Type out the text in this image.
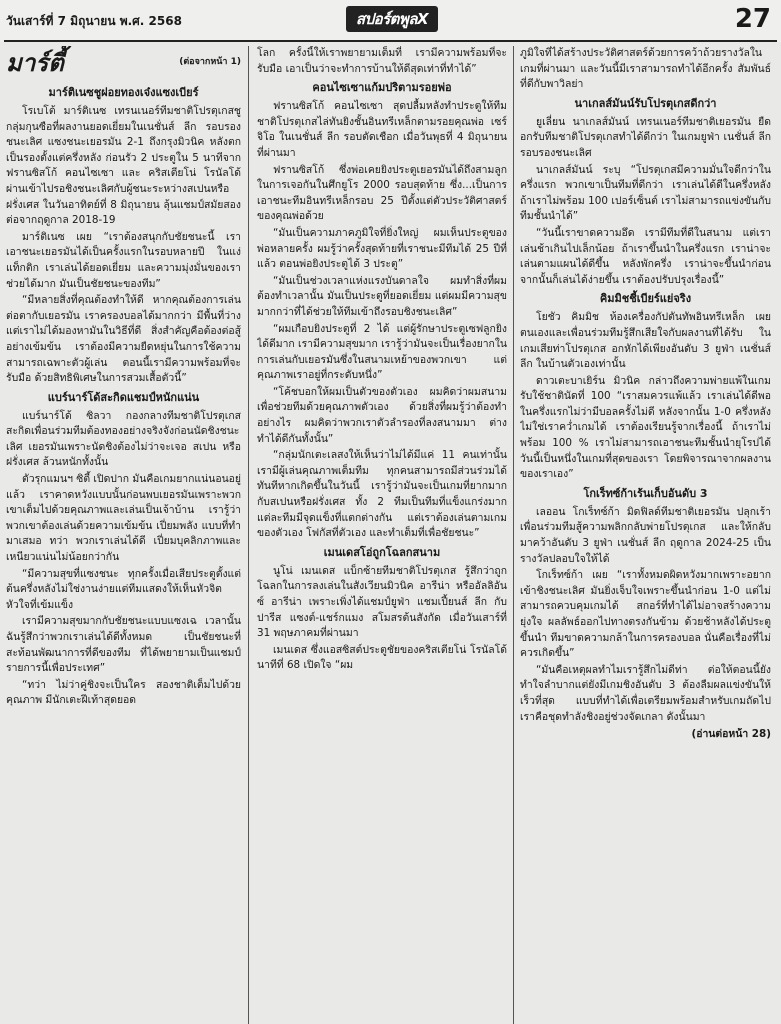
วันเสาร์ที่ 7 มิถุนายน พ.ศ. 2568	สปอร์ตพูลX	27
มาร์ตี้	(ต่อจากหน้า 1)
มาร์ติเนซชูฝอยทองเจ๋งแซงเบียร์
โรเบโต้ มาร์ติเนซ เทรนเนอร์ทีมชาติโปรตุเกสชูกลุ่มกุนซือที่ผลงานยอดเยี่ยมในเนชั่นส์ ลีก รอบรองชนะเลิศ แซงชนะเยอรมัน 2-1 ถึงกรุงมิวนิค หลังตกเป็นรองตั้งแต่ครึ่งหลัง ก่อนรัว 2 ประตูใน 5 นาทีจาก ฟรานซิสโก้ คอนไซเซา และ คริสเตียโน่ โรนัลโด้ ผ่านเข้าไปรอชิงชนะเลิศกับผู้ชนะระหว่างสเปนหรือฝรั่งเศส ในวันอาทิตย์ที่ 8 มิถุนายน ลุ้นแชมป์สมัยสองต่อจากฤดูกาล 2018-19
มาร์ติเนซ เผย “เราต้องสนุกกับชัยชนะนี้ เราเอาชนะเยอรมันได้เป็นครั้งแรกในรอบหลายปี ในแง่แท็กติก เราเล่นได้ยอดเยี่ยม และความมุ่งมั่นของเราช่วยได้มาก มันเป็นชัยชนะของทีม”
“มีหลายสิ่งที่คุณต้องทำให้ดี หากคุณต้องการเล่นต่อตากับเยอรมัน เราครองบอลได้มากกว่า มีพื้นที่ว่าง แต่เราไม่ได้มองหามันในวิธีที่ดี สิ่งสำคัญคือต้องต่อสู้อย่างเข้มข้น เราต้องมีความยืดหยุ่นในการใช้ความสามารถเฉพาะตัวผู้เล่น ตอนนี้เรามีความพร้อมที่จะรับมือ ด้วยสิทธิพิเศษในการสวมเสื้อตัวนี้”
แบร์นาร์โด้สะกิดแชมป์หนักแน่น
แบร์นาร์โด้ ซิลวา กองกลางทีมชาติโปรตุเกสสะกิดเพื่อนร่วมทีมต้องทองอย่างจริงจังก่อนนัดชิงชนะเลิศ เยอรมันเพราะนัดชิงต้องไม่ว่าจะเจอ สเปน หรือฝรั่งเศส ล้วนหนักทั้งนั้น
ตัวรุกแมนฯ ซิตี้ เปิดปาก มันคือเกมยากแน่นอนอยู่แล้ว เราคาดหวังแบบนั้นก่อนพบเยอรมันเพราะพวกเขาเต็มไปด้วยคุณภาพและเล่นเป็นเจ้าบ้าน เรารู้ว่าพวกเขาต้องเล่นด้วยความเข้มข้น เปี่ยมพลัง แบบที่ทำมาเสมอ ทว่า พวกเราเล่นได้ดี เปี่ยมบุคลิกภาพและเหนียวแน่นไม่น้อยกว่ากัน
“มีความสุขที่แซงชนะ ทุกครั้งเมื่อเสียประตูตั้งแต่ต้นครึ่งหลังไม่ใช่งานง่ายแต่ทีมแสดงให้เห็นหัวจิตหัวใจที่เข้มแข็ง
เรามีความสุขมากกับชัยชนะแบบแซงเฉ เวลานั้นฉันรู้สึกว่าพวกเราเล่นได้ดีทั้งหมด เป็นชัยชนะที่สะท้อนพัฒนาการที่ดีของทีม ที่ได้พยายามเป็นแชมป์รายการนี้เพื่อประเทศ”
“ทว่า ไม่ว่าคู่ชิงจะเป็นใคร สองชาติเต็มไปด้วยคุณภาพ มีนักเตะฝีเท้าสุดยอด
โลก ครั้งนี้ให้เราพยายามเต็มที่ เรามีความพร้อมที่จะรับมือ เอาเป็นว่าจะทำการบ้านให้ดีสุดเท่าที่ทำได้”
คอนไซเซาแก้มปริตามรอยพ่อ
ฟรานซิสโก้ คอนไซเซา สุดปลื้มหลังทำประตูให้ทีมชาติโปรตุเกสไล่ทันยิงชั้นอินทรีเหล็กตามรอยคุณพ่อ เซร์จิโอ ในเนชั่นส์ ลีก รอบตัดเชือก เมื่อวันพุธที่ 4 มิถุนายนที่ผ่านมา
ฟรานซิสโก้ ซึ่งพ่อเคยยิงประตูเยอรมันได้ถึงสามลูก ในการเจอกันในศึกยูโร 2000 รอบสุดท้าย ซึ่ง...เป็นการเอาชนะทีมอินทรีเหล็กรอบ 25 ปีตั้งแต่ตัวประวัติศาสตร์ของคุณพ่อด้วย
“มันเป็นความภาคภูมิใจที่ยิ่งใหญ่ ผมเห็นประตูของพ่อหลายครั้ง ผมรู้ว่าครั้งสุดท้ายที่เราชนะมีทีมได้ 25 ปีที่แล้ว ตอนพ่อยิงประตูได้ 3 ประตู”
“มันเป็นช่วงเวลาแห่งแรงบันดาลใจ ผมทำสิ่งที่ผมต้องทำเวลานั้น มันเป็นประตูที่ยอดเยี่ยม แต่ผมมีความสุขมากกว่าที่ได้ช่วยให้ทีมเข้าถึงรอบชิงชนะเลิศ”
“ผมเกือบยิงประตูที่ 2 ได้ แต่ผู้รักษาประตูเซฟลูกยิงได้ดีมาก เรามีความสุขมาก เรารู้ว่ามันจะเป็นเรื่องยากในการเล่นกับเยอรมันซึ่งในสนามเหย้าของพวกเขา แต่คุณภาพเราอยู่ที่กระดับหนึ่ง”
“โค้ชบอกให้ผมเป็นตัวของตัวเอง ผมคิดว่าผมสนามเพื่อช่วยทีมด้วยคุณภาพตัวเอง ด้วยสิ่งที่ผมรู้ว่าต้องทำอย่างไร ผมคิดว่าพวกเราตัวลำรองที่ลงสนามมา ต่างทำได้ดีกันทั้งนั้น”
“กลุ่มนักเตะเลสงให้เห็นว่าไม่ได้มีแค่ 11 คนเท่านั้น เรามีผู้เล่นคุณภาพเต็มทีม ทุกคนสามารถมีส่วนร่วมได้ทันทีหากเกิดขึ้นในวันนี้ เรารู้ว่ามันจะเป็นเกมที่ยากมากกับสเปนหรือฝรั่งเศส ทั้ง 2 ทีมเป็นทีมที่แข็งแกร่งมาก แต่ละทีมมีจุดแข็งที่แตกต่างกัน แต่เราต้องเล่นตามเกมของตัวเอง โฟกัสที่ตัวเอง และทำเต็มที่เพื่อชัยชนะ”
เมนเดสโอ่ถูกโฉลกสนาม
นูโน่ เมนเดส แบ็กซ้ายทีมชาติโปรตุเกส รู้สึกว่าถูกโฉลกในการลงเล่นในสังเวียนมิวนิค อารีน่า หรืออัลลิอันซ์ อารีน่า เพราะเพิ่งได้แชมป์ยูฟ่า แชมเปี้ยนส์ ลีก กับปารีส แซงต์-แชร์กแมง สโมสรต้นสังกัด เมื่อวันเสาร์ที่ 31 พฤษภาคมที่ผ่านมา
เมนเดส ซึ่งแอสซิสต์ประตูชัยของคริสเตียโน่ โรนัลโด้ นาทีที่ 68 เปิดใจ “ผม
ภูมิใจที่ได้สร้างประวัติศาสตร์ด้วยการคว้าถ้วยรางวัลในเกมที่ผ่านมา และวันนี้มีเราสามารถทำได้อีกครั้ง สัมพันธ์ที่ดีกับพาวิลย่า
นาเกลส์มันน์รับโปรตุเกสดีกว่า
ยูเลี่ยน นาเกลส์มันน์ เทรนเนอร์ทีมชาติเยอรมัน ยืดอกรับทีมชาติโปรตุเกสทำได้ดีกว่า ในเกมยูฟ่า เนชั่นส์ ลีก รอบรองชนะเลิศ
นาเกลส์มันน์ ระบุ “โปรตุเกสมีความมั่นใจดีกว่าในครึ่งแรก พวกเขาเป็นทีมที่ดีกว่า เราเล่นได้ดีในครึ่งหลัง ถ้าเราไม่พร้อม 100 เปอร์เซ็นต์ เราไม่สามารถแข่งขันกับทีมชั้นนำได้”
“วันนี้เราขาดความอึด เรามีทีมที่ดีในสนาม แต่เราเล่นช้าเกินไปเล็กน้อย ถ้าเราขึ้นนำในครึ่งแรก เราน่าจะเล่นตามแผนได้ดีขึ้น หลังพักครึ่ง เราน่าจะขึ้นนำก่อน จากนั้นก็เล่นได้ง่ายขึ้น เราต้องปรับปรุงเรื่องนี้”
คิมมิชชี้เบียร์แย่จริง
โยชัว คิมมิช ห้องเครื่องกัปตันทัพอินทรีเหล็ก เผยตนเองและเพื่อนร่วมทีมรู้สึกเสียใจกับผลงานที่ได้รับ ในเกมเสียท่าโปรตุเกส อกหักได้เพียงอันดับ 3 ยูฟ่า เนชั่นส์ ลีก ในบ้านตัวเองเท่านั้น
ดาวเตะบาเยิร์น มิวนิค กล่าวถึงความพ่ายแพ้ในเกมรับใช้ชาตินัดที่ 100 “เราสมควรแพ้แล้ว เราเล่นได้ดีพอในครึ่งแรกไม่ว่ามีบอลครั้งไม่ดี หลังจากนั้น 1-0 ครึ่งหลังไม่ใช่เราคว่ำเกมได้ เราต้องเรียนรู้จากเรื่องนี้ ถ้าเราไม่พร้อม 100 % เราไม่สามารถเอาชนะทีมชั้นนำยุโรปได้ วันนี้เป็นหนึ่งในเกมที่สุดของเรา โดยพิจารณาจากผลงานของเราเอง”
โกเร็ทซ์ก้าเร้นเก็บอันดับ 3
เลออน โกเร็ทซ์ก้า มิดฟิลด์ทีมชาติเยอรมัน ปลุกเร้าเพื่อนร่วมทีมสู้ความพลิกกลับพ่ายโปรตุเกส และให้กลับมาคว้าอันดับ 3 ยูฟ่า เนชั่นส์ ลีก ฤดูกาล 2024-25 เป็นรางวัลปลอบใจให้ได้
โกเร็ทซ์ก้า เผย “เราทั้งหมดผิดหวังมากเพราะอยากเข้าชิงชนะเลิศ มันยิ่งเจ็บใจเพราะขึ้นนำก่อน 1-0 แต่ไม่สามารถควบคุมเกมได้ สกอร์ที่ทำได้ไม่อาจสร้างความยุ่งใจ ผลลัพธ์ออกไปทางตรงกันข้าม ด้วยช้าหลังได้ประตูขึ้นนำ ทีมขาดความกล้าในการครองบอล นั่นคือเรื่องที่ไม่ควรเกิดขึ้น”
“มันคือเหตุผลทำไมเรารู้สึกไม่ดีท่า ต่อให้ตอนนี้ยังทำใจลำบากแต่ยังมีเกมชิงอันดับ 3 ต้องลืมผลแข่งขันให้เร็วที่สุด แบบที่ทำได้เพื่อเตรียมพร้อมสำหรับเกมถัดไป เราคือชุดทำลังชิงอยู่ช่วงจัดเกลา ดังนั้นมา
(อ่านต่อหน้า 28)
